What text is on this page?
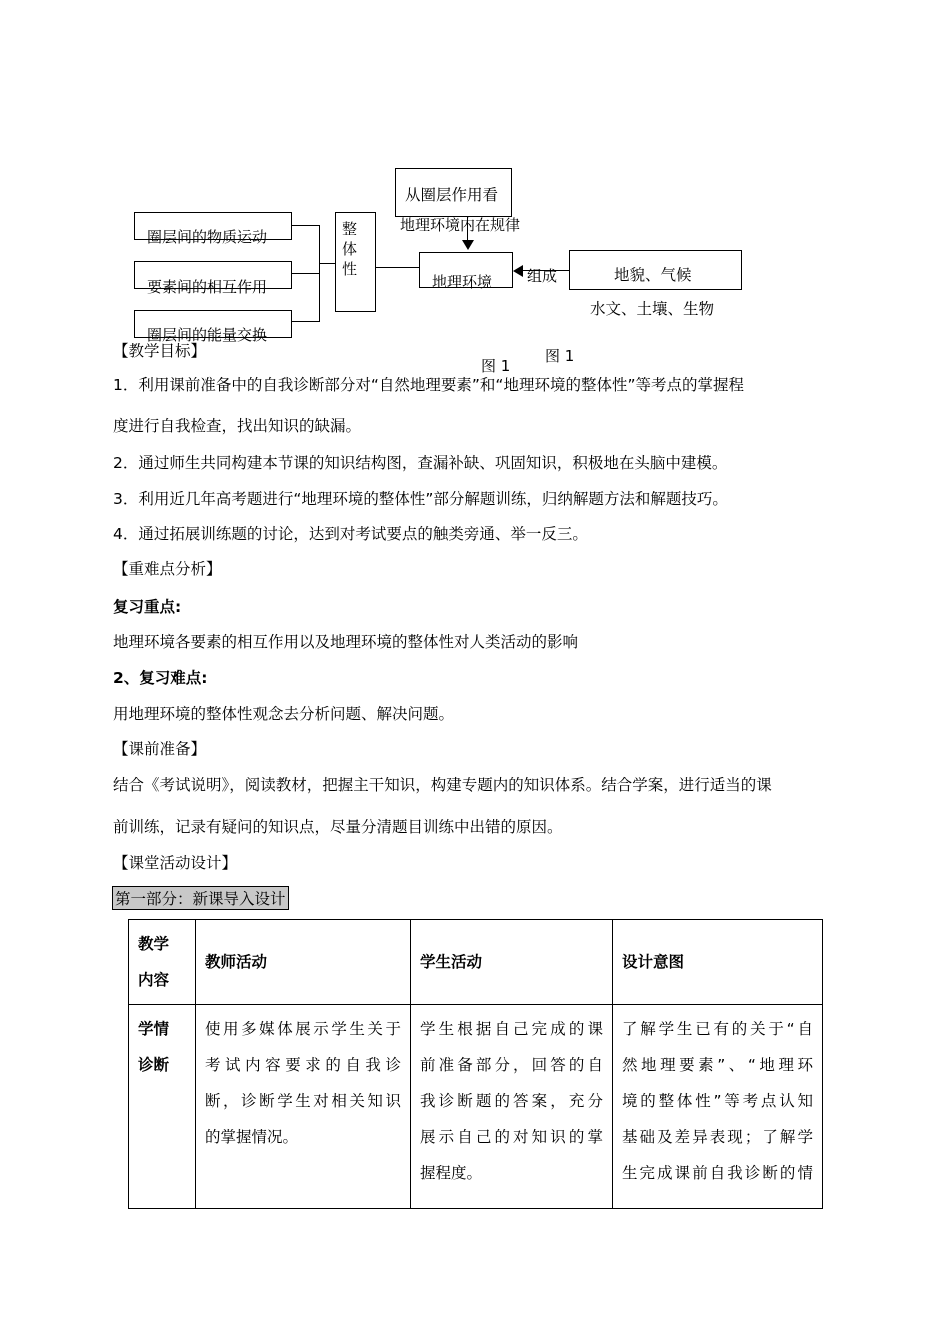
从圈层作用看
地理环境内在规律
圈层间的物质运动
要素间的相互作用
圈层间的能量交换
整
体
性
地理环境 组成	地貌、气候
水文、土壤、生物
图 1
图 1
【教学目标】
1．利用课前准备中的自我诊断部分对“自然地理要素”和“地理环境的整体性”等考点的掌握程
度进行自我检查，找出知识的缺漏。
2．通过师生共同构建本节课的知识结构图，查漏补缺、巩固知识，积极地在头脑中建模。
3．利用近几年高考题进行“地理环境的整体性”部分解题训练，归纳解题方法和解题技巧。
4．通过拓展训练题的讨论，达到对考试要点的触类旁通、举一反三。
【重难点分析】
复习重点:
地理环境各要素的相互作用以及地理环境的整体性对人类活动的影响
2、复习难点:
用地理环境的整体性观念去分析问题、解决问题。
【课前准备】
结合《考试说明》，阅读教材，把握主干知识，构建专题内的知识体系。结合学案，进行适当的课
前训练，记录有疑问的知识点，尽量分清题目训练中出错的原因。
【课堂活动设计】
第一部分：新课导入设计
教学
内容	教师活动	学生活动	设计意图

学情
诊断	使用多媒体展示学生关于
考试内容要求的自我诊
断，诊断学生对相关知识
的掌握情况。	学生根据自己完成的课
前准备部分，回答的自
我诊断题的答案，充分
展示自己的对知识的掌
握程度。	了解学生已有的关于“自
然地理要素”、“地理环
境的整体性”等考点认知
基础及差异表现；了解学
生完成课前自我诊断的情
